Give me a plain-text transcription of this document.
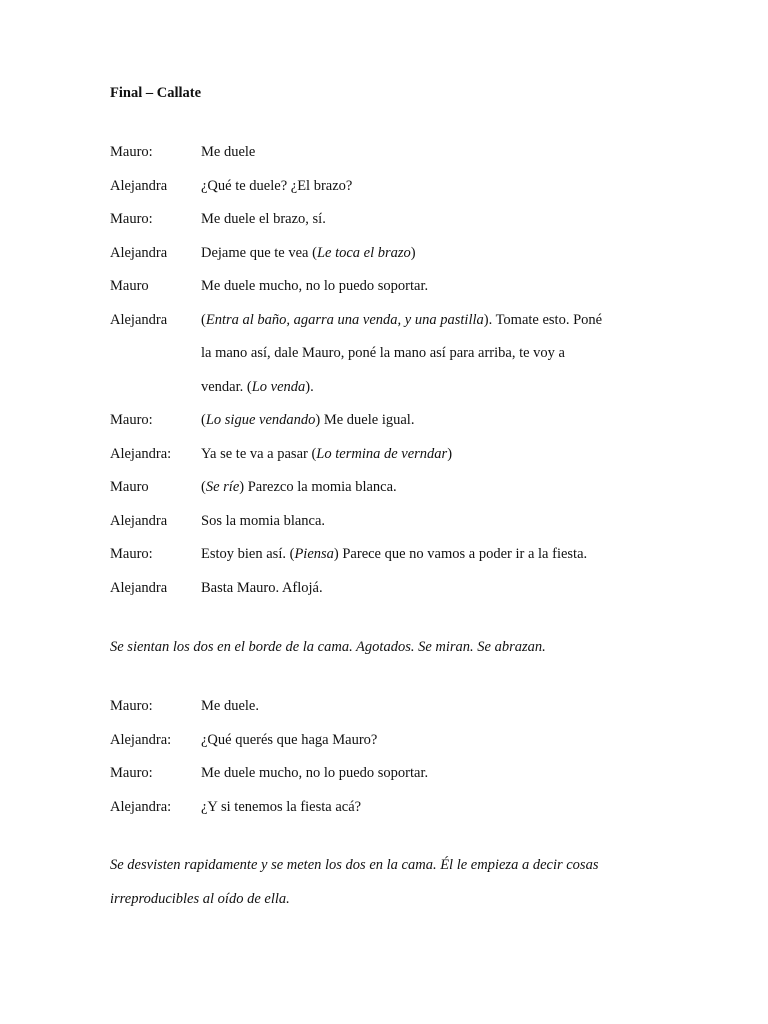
Final – Callate
Mauro:	Me duele
Alejandra ¿Qué te duele? ¿El brazo?
Mauro:	Me duele el brazo, sí.
Alejandra Dejame que te vea (Le toca el brazo)
Mauro	Me duele mucho, no lo puedo soportar.
Alejandra (Entra al baño, agarra una venda, y una pastilla). Tomate esto. Poné
la mano así, dale Mauro, poné la mano así para arriba, te voy a
vendar. (Lo venda).
Mauro:	(Lo sigue vendando) Me duele igual.
Alejandra: Ya se te va a pasar (Lo termina de verndar)
Mauro	(Se ríe) Parezco la momia blanca.
Alejandra Sos la momia blanca.
Mauro:	Estoy bien así. (Piensa) Parece que no vamos a poder ir a la fiesta.
Alejandra Basta Mauro. Aflojá.
Se sientan los dos en el borde de la cama. Agotados. Se miran. Se abrazan.
Mauro:	Me duele.
Alejandra: ¿Qué querés que haga Mauro?
Mauro:	Me duele mucho, no lo puedo soportar.
Alejandra: ¿Y si tenemos la fiesta acá?
Se desvisten rapidamente y se meten los dos en la cama. Él le empieza a decir cosas
irreproducibles al oído de ella.
